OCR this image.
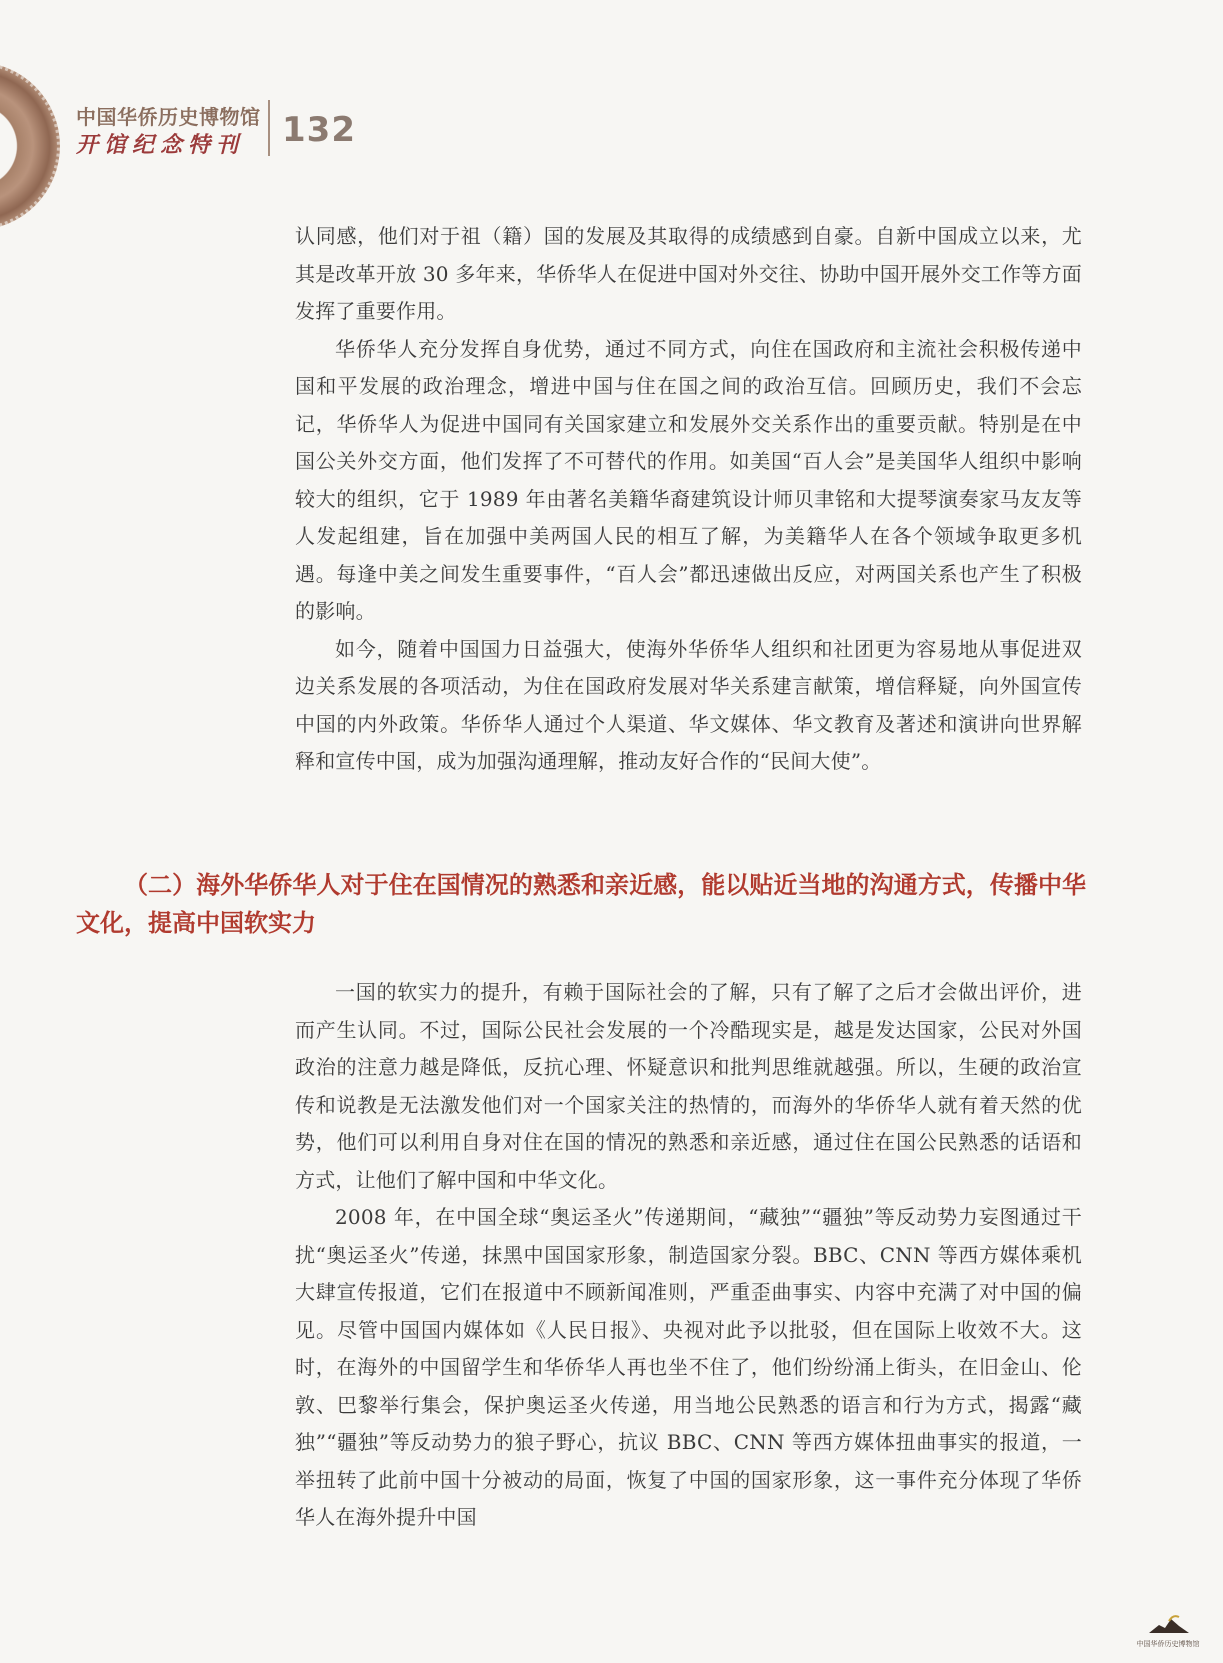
中国华侨历史博物馆
开馆纪念特刊 132

认同感，他们对于祖（籍）国的发展及其取得的成绩感到自豪。自新中国成立以来，尤其是改革开放 30 多年来，华侨华人在促进中国对外交往、协助中国开展外交工作等方面发挥了重要作用。

华侨华人充分发挥自身优势，通过不同方式，向住在国政府和主流社会积极传递中国和平发展的政治理念，增进中国与住在国之间的政治互信。回顾历史，我们不会忘记，华侨华人为促进中国同有关国家建立和发展外交关系作出的重要贡献。特别是在中国公关外交方面，他们发挥了不可替代的作用。如美国“百人会”是美国华人组织中影响较大的组织，它于 1989 年由著名美籍华裔建筑设计师贝聿铭和大提琴演奏家马友友等人发起组建，旨在加强中美两国人民的相互了解，为美籍华人在各个领域争取更多机遇。每逢中美之间发生重要事件，“百人会”都迅速做出反应，对两国关系也产生了积极的影响。

如今，随着中国国力日益强大，使海外华侨华人组织和社团更为容易地从事促进双边关系发展的各项活动，为住在国政府发展对华关系建言献策，增信释疑，向外国宣传中国的内外政策。华侨华人通过个人渠道、华文媒体、华文教育及著述和演讲向世界解释和宣传中国，成为加强沟通理解，推动友好合作的“民间大使”。

（二）海外华侨华人对于住在国情况的熟悉和亲近感，能以贴近当地的沟通方式，传播中华文化，提高中国软实力

一国的软实力的提升，有赖于国际社会的了解，只有了解了之后才会做出评价，进而产生认同。不过，国际公民社会发展的一个冷酷现实是，越是发达国家，公民对外国政治的注意力越是降低，反抗心理、怀疑意识和批判思维就越强。所以，生硬的政治宣传和说教是无法激发他们对一个国家关注的热情的，而海外的华侨华人就有着天然的优势，他们可以利用自身对住在国的情况的熟悉和亲近感，通过住在国公民熟悉的话语和方式，让他们了解中国和中华文化。

2008 年，在中国全球“奥运圣火”传递期间，“藏独”“疆独”等反动势力妄图通过干扰“奥运圣火”传递，抹黑中国国家形象，制造国家分裂。BBC、CNN 等西方媒体乘机大肆宣传报道，它们在报道中不顾新闻准则，严重歪曲事实、内容中充满了对中国的偏见。尽管中国国内媒体如《人民日报》、央视对此予以批驳，但在国际上收效不大。这时，在海外的中国留学生和华侨华人再也坐不住了，他们纷纷涌上街头，在旧金山、伦敦、巴黎举行集会，保护奥运圣火传递，用当地公民熟悉的语言和行为方式，揭露“藏独”“疆独”等反动势力的狼子野心，抗议 BBC、CNN 等西方媒体扭曲事实的报道，一举扭转了此前中国十分被动的局面，恢复了中国的国家形象，这一事件充分体现了华侨华人在海外提升中国

中国华侨历史博物馆
